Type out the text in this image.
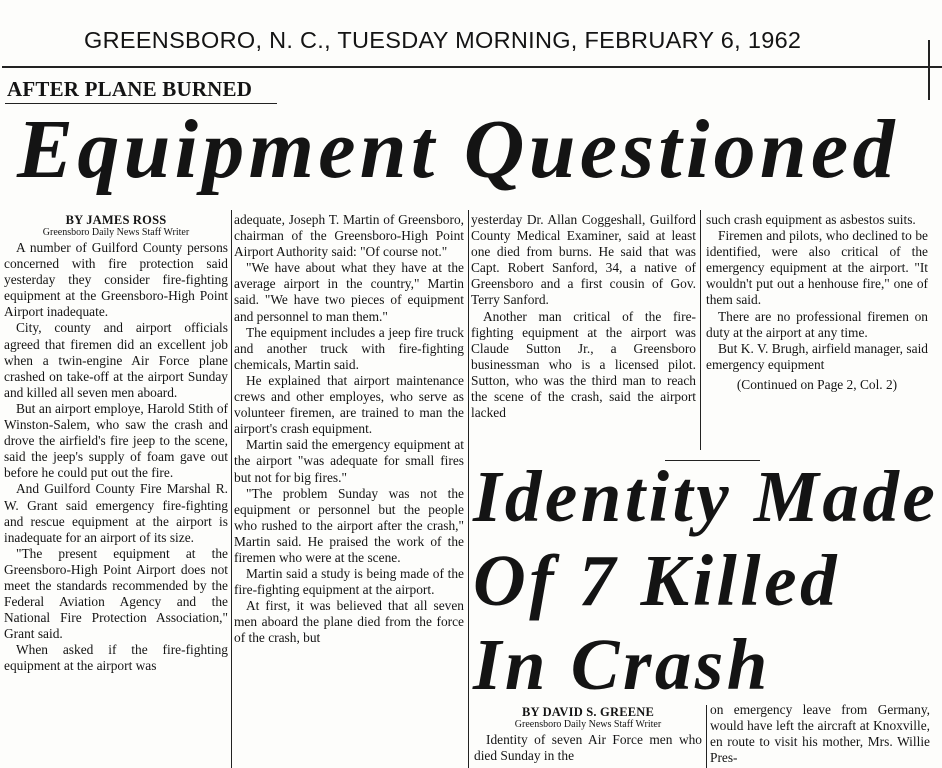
GREENSBORO, N. C., TUESDAY MORNING, FEBRUARY 6, 1962
AFTER PLANE BURNED
Equipment Questioned
BY JAMES ROSS
Greensboro Daily News Staff Writer

A number of Guilford County persons concerned with fire protection said yesterday they consider fire-fighting equipment at the Greensboro-High Point Airport inadequate.

City, county and airport officials agreed that firemen did an excellent job when a twin-engine Air Force plane crashed on take-off at the airport Sunday and killed all seven men aboard.

But an airport employe, Harold Stith of Winston-Salem, who saw the crash and drove the airfield's fire jeep to the scene, said the jeep's supply of foam gave out before he could put out the fire.

And Guilford County Fire Marshal R. W. Grant said emergency fire-fighting and rescue equipment at the airport is inadequate for an airport of its size.

"The present equipment at the Greensboro-High Point Airport does not meet the standards recommended by the Federal Aviation Agency and the National Fire Protection Association," Grant said.

When asked if the fire-fighting equipment at the airport was

adequate, Joseph T. Martin of Greensboro, chairman of the Greensboro-High Point Airport Authority said: "Of course not."

"We have about what they have at the average airport in the country," Martin said. "We have two pieces of equipment and personnel to man them."

The equipment includes a jeep fire truck and another truck with fire-fighting chemicals, Martin said.

He explained that airport maintenance crews and other employes, who serve as volunteer firemen, are trained to man the airport's crash equipment.

Martin said the emergency equipment at the airport "was adequate for small fires but not for big fires."

"The problem Sunday was not the equipment or personnel but the people who rushed to the airport after the crash," Martin said. He praised the work of the firemen who were at the scene.

Martin said a study is being made of the fire-fighting equipment at the airport.

At first, it was believed that all seven men aboard the plane died from the force of the crash, but

yesterday Dr. Allan Coggeshall, Guilford County Medical Examiner, said at least one died from burns. He said that was Capt. Robert Sanford, 34, a native of Greensboro and a first cousin of Gov. Terry Sanford.

Another man critical of the fire-fighting equipment at the airport was Claude Sutton Jr., a Greensboro businessman who is a licensed pilot. Sutton, who was the third man to reach the scene of the crash, said the airport lacked

such crash equipment as asbestos suits.

Firemen and pilots, who declined to be identified, were also critical of the emergency equipment at the airport. "It wouldn't put out a henhouse fire," one of them said.

There are no professional firemen on duty at the airport at any time.

But K. V. Brugh, airfield manager, said emergency equipment

(Continued on Page 2, Col. 2)
Identity Made
Of 7 Killed
In Crash
BY DAVID S. GREENE
Greensboro Daily News Staff Writer

Identity of seven Air Force men who died Sunday in the

on emergency leave from Germany, would have left the aircraft at Knoxville, en route to visit his mother, Mrs. Willie Pres-
